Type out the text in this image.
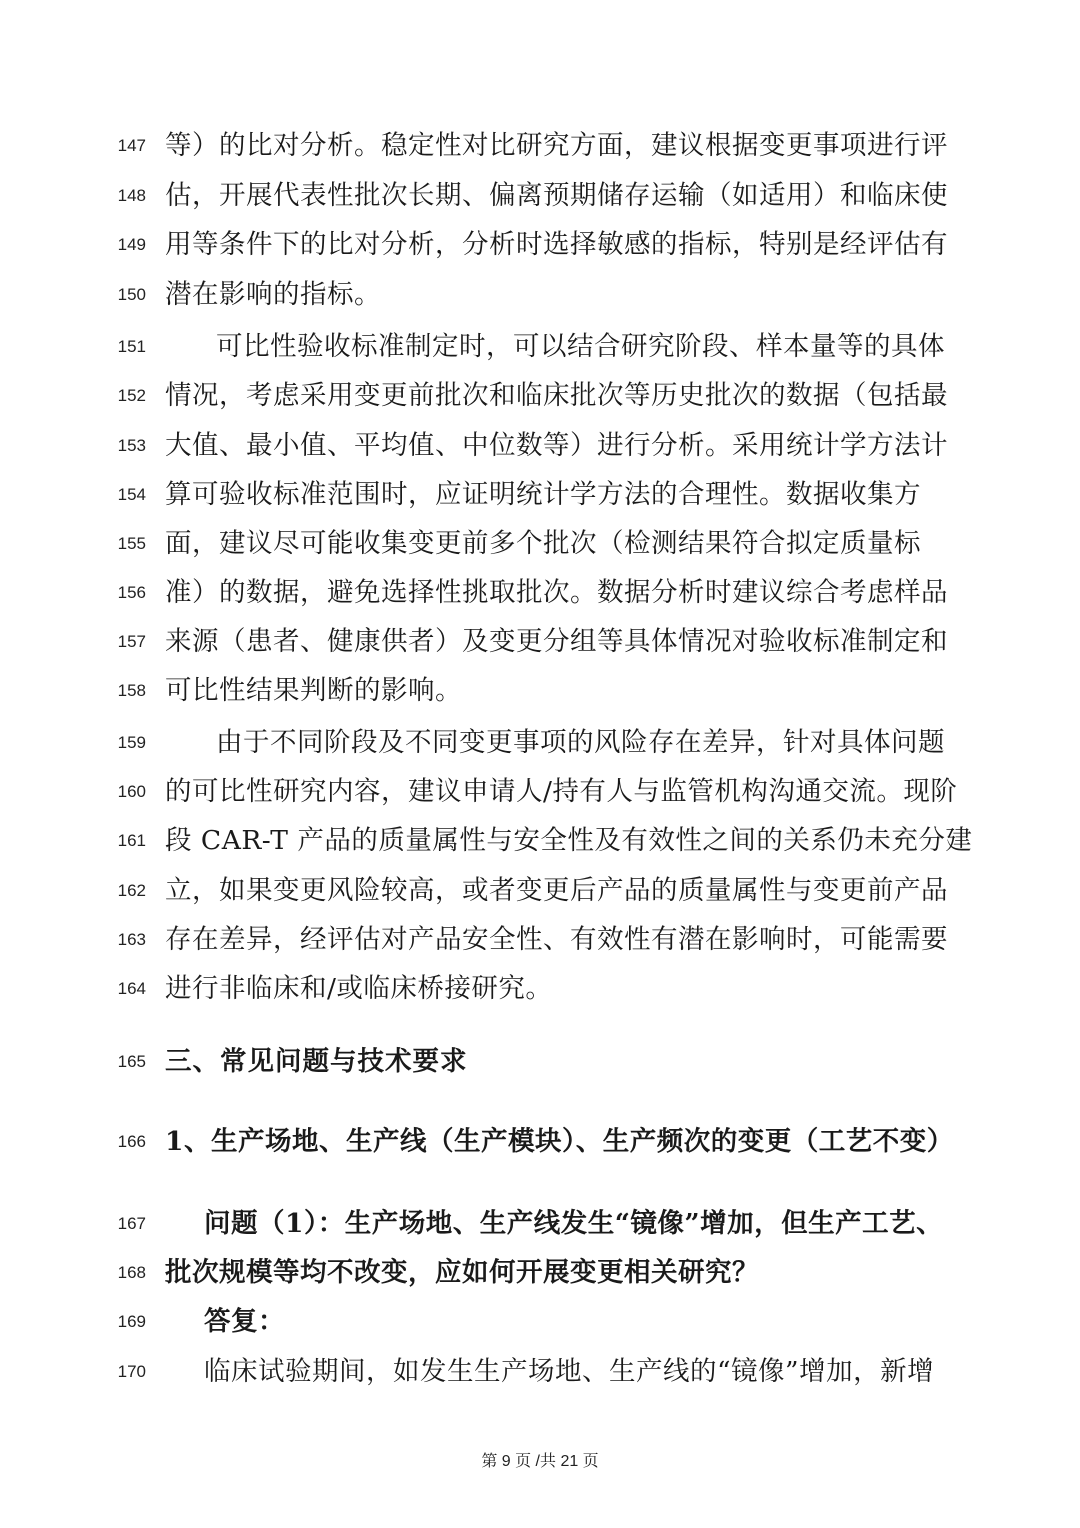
147 等）的比对分析。稳定性对比研究方面，建议根据变更事项进行评
148 估，开展代表性批次长期、偏离预期储存运输（如适用）和临床使
149 用等条件下的比对分析，分析时选择敏感的指标，特别是经评估有
150 潜在影响的指标。
151	可比性验收标准制定时，可以结合研究阶段、样本量等的具体
152 情况，考虑采用变更前批次和临床批次等历史批次的数据（包括最
153 大值、最小值、平均值、中位数等）进行分析。采用统计学方法计
154 算可验收标准范围时，应证明统计学方法的合理性。数据收集方
155 面，建议尽可能收集变更前多个批次（检测结果符合拟定质量标
156 准）的数据，避免选择性挑取批次。数据分析时建议综合考虑样品
157 来源（患者、健康供者）及变更分组等具体情况对验收标准制定和
158 可比性结果判断的影响。
159	由于不同阶段及不同变更事项的风险存在差异，针对具体问题
160 的可比性研究内容，建议申请人/持有人与监管机构沟通交流。现阶
161 段 CAR-T 产品的质量属性与安全性及有效性之间的关系仍未充分建
162 立，如果变更风险较高，或者变更后产品的质量属性与变更前产品
163 存在差异，经评估对产品安全性、有效性有潜在影响时，可能需要
164 进行非临床和/或临床桥接研究。
165 三、常见问题与技术要求
166 1、生产场地、生产线（生产模块）、生产频次的变更（工艺不变）
167 问题（1）：生产场地、生产线发生“镜像”增加，但生产工艺、
168 批次规模等均不改变，应如何开展变更相关研究？
169 答复：
170 临床试验期间，如发生生产场地、生产线的“镜像”增加，新增
第 9 页 /共 21 页
